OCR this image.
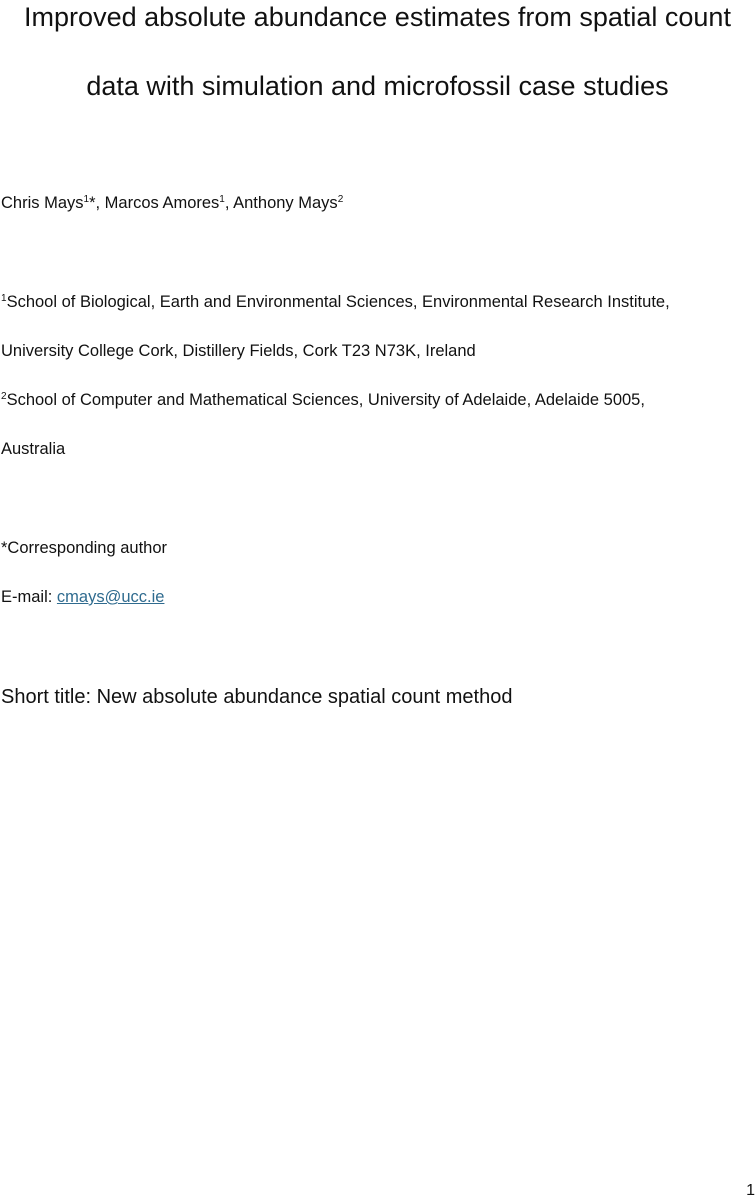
Improved absolute abundance estimates from spatial count
data with simulation and microfossil case studies
Chris Mays$^1$*, Marcos Amores$^1$, Anthony Mays$^2$
$^1$School of Biological, Earth and Environmental Sciences, Environmental Research Institute,
University College Cork, Distillery Fields, Cork T23 N73K, Ireland
$^2$School of Computer and Mathematical Sciences, University of Adelaide, Adelaide 5005,
Australia
*Corresponding author
E-mail: cmays@ucc.ie
Short title: New absolute abundance spatial count method
1
